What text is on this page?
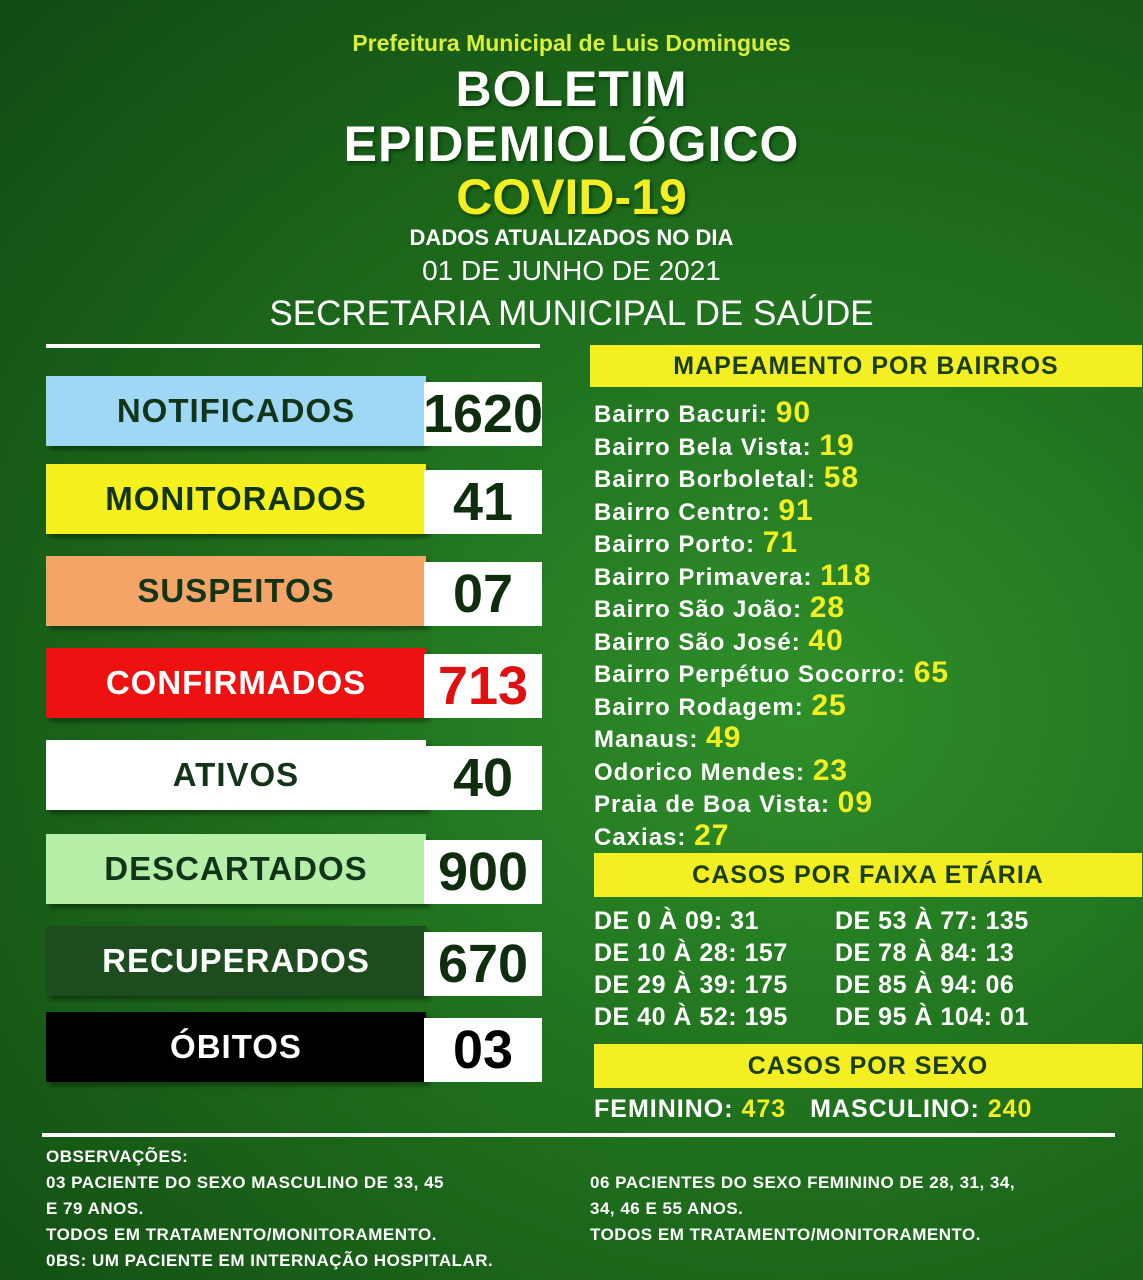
Prefeitura Municipal de Luis Domingues
BOLETIM
EPIDEMIOLÓGICO
COVID-19
DADOS ATUALIZADOS NO DIA
01 DE JUNHO DE 2021
SECRETARIA MUNICIPAL DE SAÚDE
NOTIFICADOS	1620
MONITORADOS	41
SUSPEITOS	07
CONFIRMADOS	713
ATIVOS	40
DESCARTADOS	900
RECUPERADOS	670
ÓBITOS	03
MAPEAMENTO POR BAIRROS
Bairro Bacuri: 90
Bairro Bela Vista: 19
Bairro Borboletal: 58
Bairro Centro: 91
Bairro Porto: 71
Bairro Primavera: 118
Bairro São João: 28
Bairro São José: 40
Bairro Perpétuo Socorro: 65
Bairro Rodagem: 25
Manaus: 49
Odorico Mendes: 23
Praia de Boa Vista: 09
Caxias: 27
CASOS POR FAIXA ETÁRIA
DE 0 À 09: 31
DE 10 À 28: 157
DE 29 À 39: 175
DE 40 À 52: 195
DE 53 À 77: 135
DE 78 À 84: 13
DE 85 À 94: 06
DE 95 À 104: 01
CASOS POR SEXO
FEMININO: 473 MASCULINO: 240
OBSERVAÇÕES:
03 PACIENTE DO SEXO MASCULINO DE 33, 45
E 79 ANOS.
TODOS EM TRATAMENTO/MONITORAMENTO.
0BS: UM PACIENTE EM INTERNAÇÃO HOSPITALAR.
06 PACIENTES DO SEXO FEMININO DE 28, 31, 34,
34, 46 E 55 ANOS.
TODOS EM TRATAMENTO/MONITORAMENTO.
